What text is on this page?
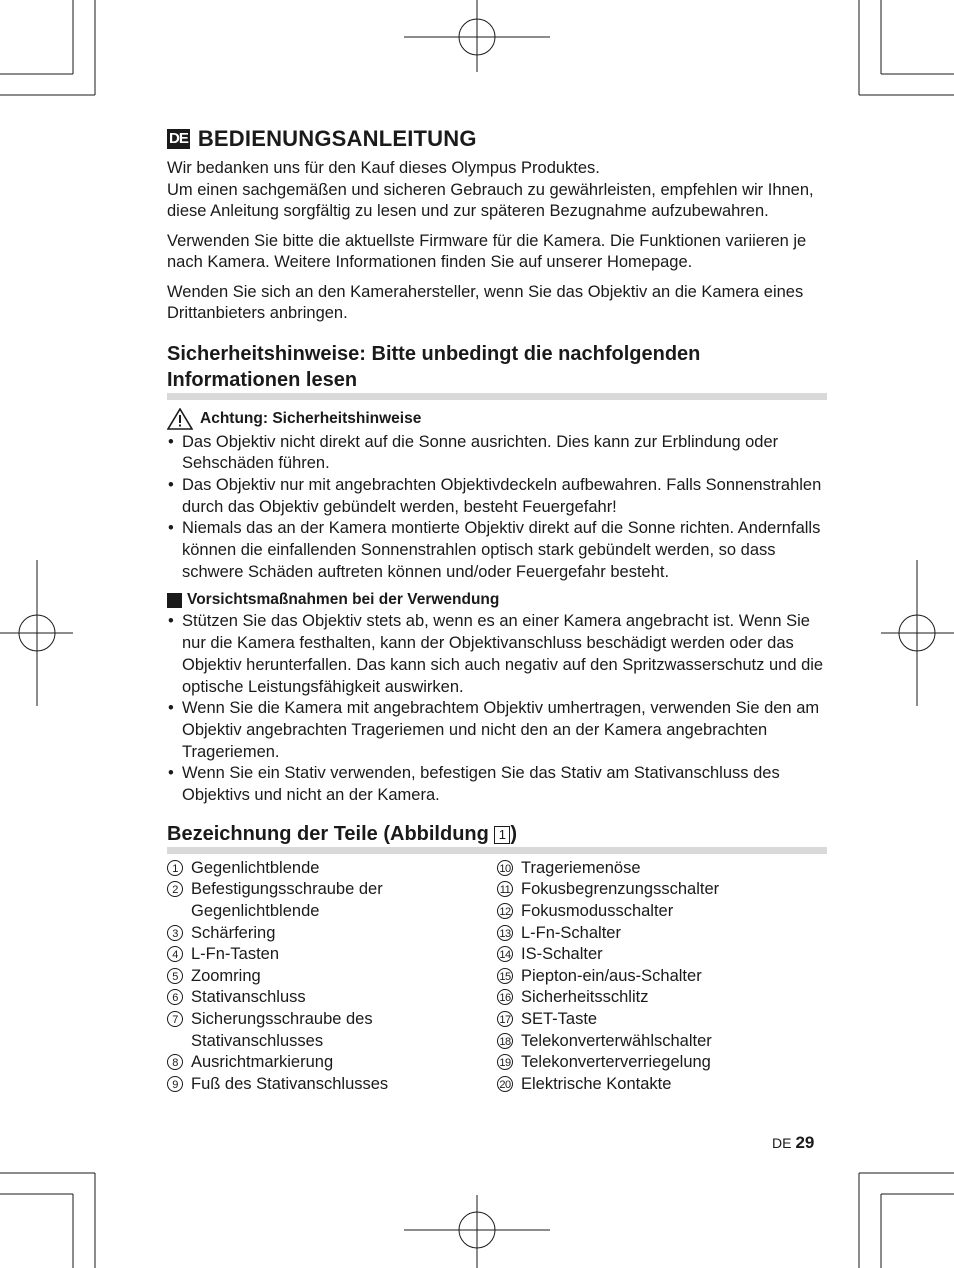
DE BEDIENUNGSANLEITUNG

Wir bedanken uns für den Kauf dieses Olympus Produktes.

Um einen sachgemäßen und sicheren Gebrauch zu gewährleisten, empfehlen wir Ihnen, diese Anleitung sorgfältig zu lesen und zur späteren Bezugnahme aufzubewahren.

Verwenden Sie bitte die aktuellste Firmware für die Kamera. Die Funktionen variieren je nach Kamera. Weitere Informationen finden Sie auf unserer Homepage.

Wenden Sie sich an den Kamerahersteller, wenn Sie das Objektiv an die Kamera eines Drittanbieters anbringen.

Sicherheitshinweise: Bitte unbedingt die nachfolgenden Informationen lesen
Achtung: Sicherheitshinweise
• Das Objektiv nicht direkt auf die Sonne ausrichten. Dies kann zur Erblindung oder Sehschäden führen.
• Das Objektiv nur mit angebrachten Objektivdeckeln aufbewahren. Falls Sonnenstrahlen durch das Objektiv gebündelt werden, besteht Feuergefahr!
• Niemals das an der Kamera montierte Objektiv direkt auf die Sonne richten. Andernfalls können die einfallenden Sonnenstrahlen optisch stark gebündelt werden, so dass schwere Schäden auftreten können und/oder Feuergefahr besteht.
Vorsichtsmaßnahmen bei der Verwendung
• Stützen Sie das Objektiv stets ab, wenn es an einer Kamera angebracht ist. Wenn Sie nur die Kamera festhalten, kann der Objektivanschluss beschädigt werden oder das Objektiv herunterfallen. Das kann sich auch negativ auf den Spritzwasserschutz und die optische Leistungsfähigkeit auswirken.
• Wenn Sie die Kamera mit angebrachtem Objektiv umhertragen, verwenden Sie den am Objektiv angebrachten Trageriemen und nicht den an der Kamera angebrachten Trageriemen.
• Wenn Sie ein Stativ verwenden, befestigen Sie das Stativ am Stativanschluss des Objektivs und nicht an der Kamera.
Bezeichnung der Teile (Abbildung 1 )
1 Gegenlichtblende
2 Befestigungsschraube der Gegenlichtblende
3 Schärfering
4 L-Fn-Tasten
5 Zoomring
6 Stativanschluss
7 Sicherungsschraube des Stativanschlusses
8 Ausrichtmarkierung
9 Fuß des Stativanschlusses
10 Trageriemenöse
11 Fokusbegrenzungsschalter
12 Fokusmodusschalter
13 L-Fn-Schalter
14 IS-Schalter
15 Piepton-ein/aus-Schalter
16 Sicherheitsschlitz
17 SET-Taste
18 Telekonverterwählschalter
19 Telekonverterverriegelung
20 Elektrische Kontakte
DE 29
